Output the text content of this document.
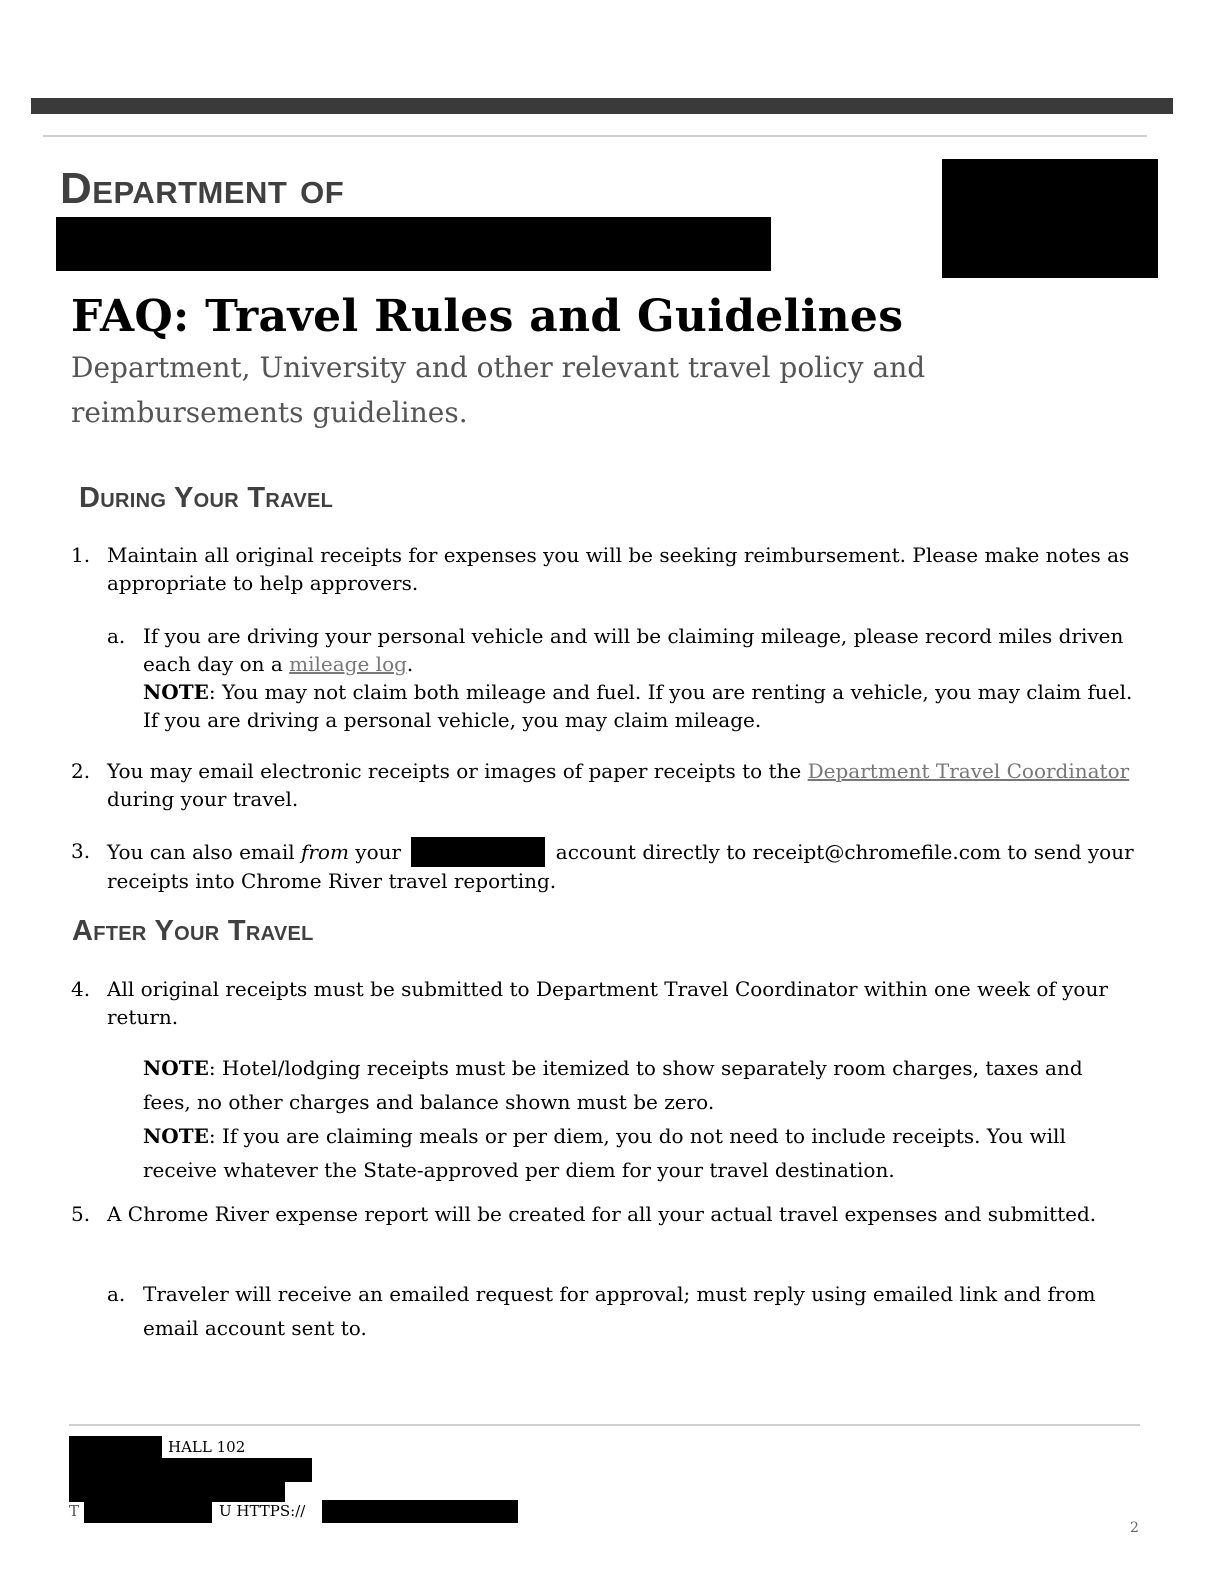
Department of
FAQ: Travel Rules and Guidelines
Department, University and other relevant travel policy and reimbursements guidelines.
During Your Travel
1. Maintain all original receipts for expenses you will be seeking reimbursement. Please make notes as appropriate to help approvers.
a. If you are driving your personal vehicle and will be claiming mileage, please record miles driven each day on a mileage log.
NOTE: You may not claim both mileage and fuel. If you are renting a vehicle, you may claim fuel. If you are driving a personal vehicle, you may claim mileage.
2. You may email electronic receipts or images of paper receipts to the Department Travel Coordinator during your travel.
3. You can also email from your	account directly to receipt@chromefile.com to send your receipts into Chrome River travel reporting.
After Your Travel
4. All original receipts must be submitted to Department Travel Coordinator within one week of your return.
NOTE: Hotel/lodging receipts must be itemized to show separately room charges, taxes and fees, no other charges and balance shown must be zero.
NOTE: If you are claiming meals or per diem, you do not need to include receipts. You will receive whatever the State-approved per diem for your travel destination.
5. A Chrome River expense report will be created for all your actual travel expenses and submitted.
a. Traveler will receive an emailed request for approval; must reply using emailed link and from email account sent to.
HALL 102
T	U HTTPS://
2
